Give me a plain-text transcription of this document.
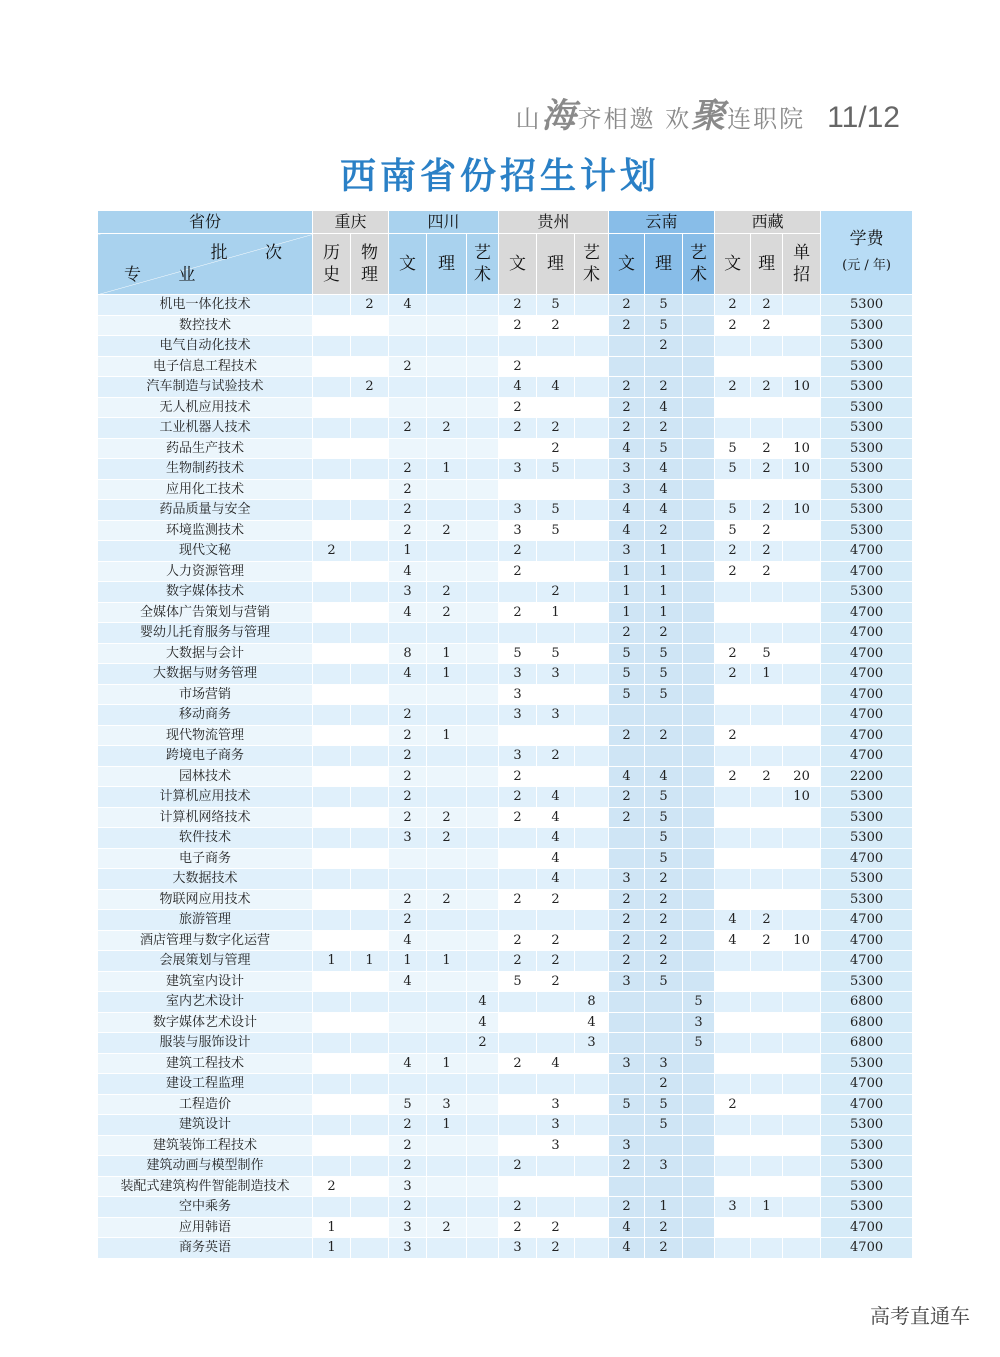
山海齐相邀 欢聚连职院 11/12
西南省份招生计划
省份	重庆		四川			贵州			云南			西藏			学费
(元 / 年)

批 次
专 业	历史	物理	文	理	艺术	文	理	艺术	文	理	艺术	文	理	单招	
机电一体化技术		2	4			2	5		2	5		2	2		5300
数控技术						2	2		2	5		2	2		5300
电气自动化技术										2					5300
电子信息工程技术			2			2									5300
汽车制造与试验技术		2				4	4		2	2		2	2	10	5300
无人机应用技术						2			2	4					5300
工业机器人技术			2	2		2	2		2	2					5300
药品生产技术							2		4	5		5	2	10	5300
生物制药技术			2	1		3	5		3	4		5	2	10	5300
应用化工技术			2						3	4					5300
药品质量与安全			2			3	5		4	4		5	2	10	5300
环境监测技术			2	2		3	5		4	2		5	2		5300
现代文秘	2		1			2			3	1		2	2		4700
人力资源管理			4			2			1	1		2	2		4700
数字媒体技术			3	2			2		1	1					5300
全媒体广告策划与营销			4	2		2	1		1	1					4700
婴幼儿托育服务与管理									2	2					4700
大数据与会计			8	1		5	5		5	5		2	5		4700
大数据与财务管理			4	1		3	3		5	5		2	1		4700
市场营销						3			5	5					4700
移动商务			2			3	3								4700
现代物流管理			2	1					2	2		2			4700
跨境电子商务			2			3	2								4700
园林技术			2			2			4	4		2	2	20	2200
计算机应用技术			2			2	4		2	5				10	5300
计算机网络技术			2	2		2	4		2	5					5300
软件技术			3	2			4			5					5300
电子商务							4			5					4700
大数据技术							4		3	2					5300
物联网应用技术			2	2		2	2		2	2					5300
旅游管理			2						2	2		4	2		4700
酒店管理与数字化运营			4			2	2		2	2		4	2	10	4700
会展策划与管理	1	1	1	1		2	2		2	2					4700
建筑室内设计			4			5	2		3	5					5300
室内艺术设计					4			8			5				6800
数字媒体艺术设计					4			4			3				6800
服装与服饰设计					2			3			5				6800
建筑工程技术			4	1		2	4		3	3					5300
建设工程监理										2					4700
工程造价			5	3			3		5	5		2			4700
建筑设计			2	1			3			5					5300
建筑装饰工程技术			2				3		3						5300
建筑动画与模型制作			2			2			2	3					5300
装配式建筑构件智能制造技术	2		3												5300
空中乘务			2			2			2	1		3	1		5300
应用韩语	1		3	2		2	2		4	2					4700
商务英语	1		3			3	2		4	2					4700
高考直通车
